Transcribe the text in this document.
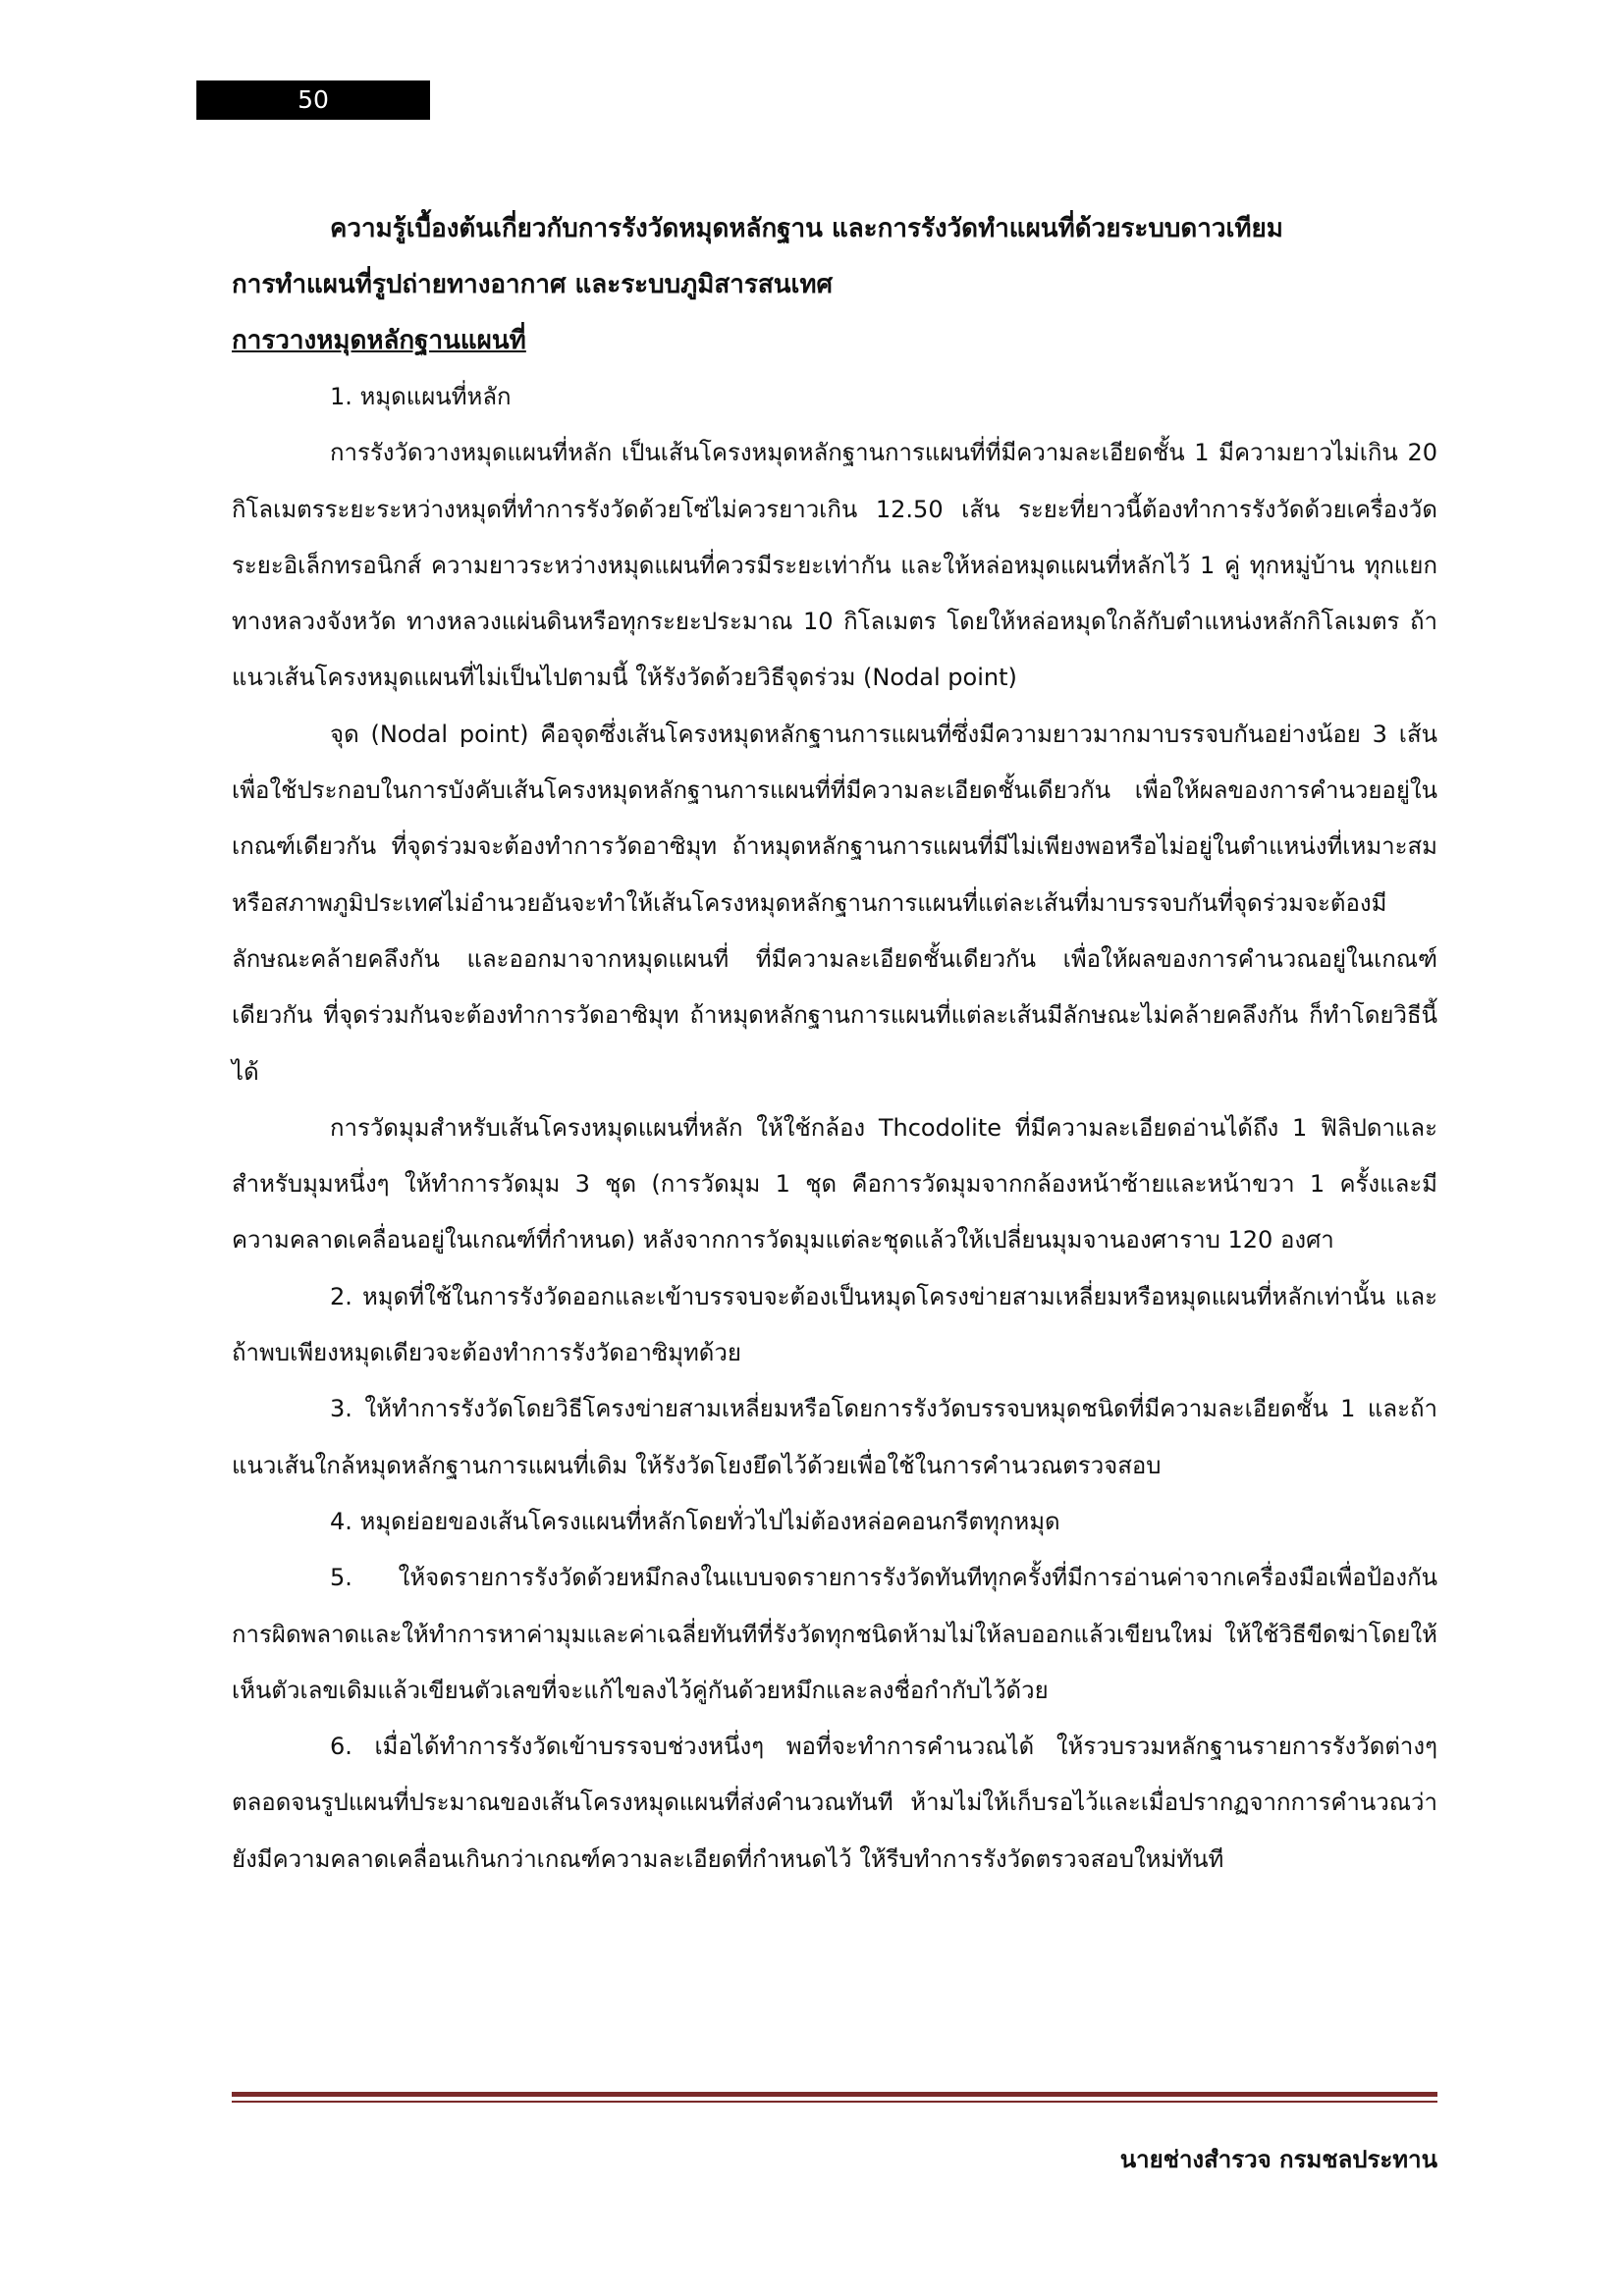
50
ความรู้เบื้องต้นเกี่ยวกับการรังวัดหมุดหลักฐาน และการรังวัดทำแผนที่ด้วยระบบดาวเทียม
การทำแผนที่รูปถ่ายทางอากาศ และระบบภูมิสารสนเทศ
การวางหมุดหลักฐานแผนที่

1. หมุดแผนที่หลัก

การรังวัดวางหมุดแผนที่หลัก เป็นเส้นโครงหมุดหลักฐานการแผนที่ที่มีความละเอียดชั้น 1 มีความยาวไม่เกิน 20 กิโลเมตรระยะระหว่างหมุดที่ทำการรังวัดด้วยโซ่ไม่ควรยาวเกิน 12.50 เส้น ระยะที่ยาวนี้ต้องทำการรังวัดด้วยเครื่องวัดระยะอิเล็กทรอนิกส์ ความยาวระหว่างหมุดแผนที่ควรมีระยะเท่ากัน และให้หล่อหมุดแผนที่หลักไว้ 1 คู่ ทุกหมู่บ้าน ทุกแยกทางหลวงจังหวัด ทางหลวงแผ่นดินหรือทุกระยะประมาณ 10 กิโลเมตร โดยให้หล่อหมุดใกล้กับตำแหน่งหลักกิโลเมตร ถ้าแนวเส้นโครงหมุดแผนที่ไม่เป็นไปตามนี้ ให้รังวัดด้วยวิธีจุดร่วม (Nodal point)

จุด (Nodal point) คือจุดซึ่งเส้นโครงหมุดหลักฐานการแผนที่ซึ่งมีความยาวมากมาบรรจบกันอย่างน้อย 3 เส้น เพื่อใช้ประกอบในการบังคับเส้นโครงหมุดหลักฐานการแผนที่ที่มีความละเอียดชั้นเดียวกัน เพื่อให้ผลของการคำนวยอยู่ในเกณฑ์เดียวกัน ที่จุดร่วมจะต้องทำการวัดอาซิมุท ถ้าหมุดหลักฐานการแผนที่มีไม่เพียงพอหรือไม่อยู่ในตำแหน่งที่เหมาะสมหรือสภาพภูมิประเทศไม่อำนวยอันจะทำให้เส้นโครงหมุดหลักฐานการแผนที่แต่ละเส้นที่มาบรรจบกันที่จุดร่วมจะต้องมีลักษณะคล้ายคลึงกัน และออกมาจากหมุดแผนที่ ที่มีความละเอียดชั้นเดียวกัน เพื่อให้ผลของการคำนวณอยู่ในเกณฑ์เดียวกัน ที่จุดร่วมกันจะต้องทำการวัดอาซิมุท ถ้าหมุดหลักฐานการแผนที่แต่ละเส้นมีลักษณะไม่คล้ายคลึงกัน ก็ทำโดยวิธีนี้ได้

การวัดมุมสำหรับเส้นโครงหมุดแผนที่หลัก ให้ใช้กล้อง Thcodolite ที่มีความละเอียดอ่านได้ถึง 1 ฟิลิปดาและสำหรับมุมหนึ่งๆ ให้ทำการวัดมุม 3 ชุด (การวัดมุม 1 ชุด คือการวัดมุมจากกล้องหน้าซ้ายและหน้าขวา 1 ครั้งและมีความคลาดเคลื่อนอยู่ในเกณฑ์ที่กำหนด) หลังจากการวัดมุมแต่ละชุดแล้วให้เปลี่ยนมุมจานองศาราบ 120 องศา

2. หมุดที่ใช้ในการรังวัดออกและเข้าบรรจบจะต้องเป็นหมุดโครงข่ายสามเหลี่ยมหรือหมุดแผนที่หลักเท่านั้น และถ้าพบเพียงหมุดเดียวจะต้องทำการรังวัดอาซิมุทด้วย

3. ให้ทำการรังวัดโดยวิธีโครงข่ายสามเหลี่ยมหรือโดยการรังวัดบรรจบหมุดชนิดที่มีความละเอียดชั้น 1 และถ้าแนวเส้นใกล้หมุดหลักฐานการแผนที่เดิม ให้รังวัดโยงยึดไว้ด้วยเพื่อใช้ในการคำนวณตรวจสอบ

4. หมุดย่อยของเส้นโครงแผนที่หลักโดยทั่วไปไม่ต้องหล่อคอนกรีตทุกหมุด

5. ให้จดรายการรังวัดด้วยหมึกลงในแบบจดรายการรังวัดทันทีทุกครั้งที่มีการอ่านค่าจากเครื่องมือเพื่อป้องกันการผิดพลาดและให้ทำการหาค่ามุมและค่าเฉลี่ยทันทีที่รังวัดทุกชนิดห้ามไม่ให้ลบออกแล้วเขียนใหม่ ให้ใช้วิธีขีดฆ่าโดยให้เห็นตัวเลขเดิมแล้วเขียนตัวเลขที่จะแก้ไขลงไว้คู่กันด้วยหมึกและลงชื่อกำกับไว้ด้วย

6. เมื่อได้ทำการรังวัดเข้าบรรจบช่วงหนึ่งๆ พอที่จะทำการคำนวณได้ ให้รวบรวมหลักฐานรายการรังวัดต่างๆตลอดจนรูปแผนที่ประมาณของเส้นโครงหมุดแผนที่ส่งคำนวณทันที ห้ามไม่ให้เก็บรอไว้และเมื่อปรากฏจากการคำนวณว่ายังมีความคลาดเคลื่อนเกินกว่าเกณฑ์ความละเอียดที่กำหนดไว้ ให้รีบทำการรังวัดตรวจสอบใหม่ทันที

นายช่างสำรวจ กรมชลประทาน
